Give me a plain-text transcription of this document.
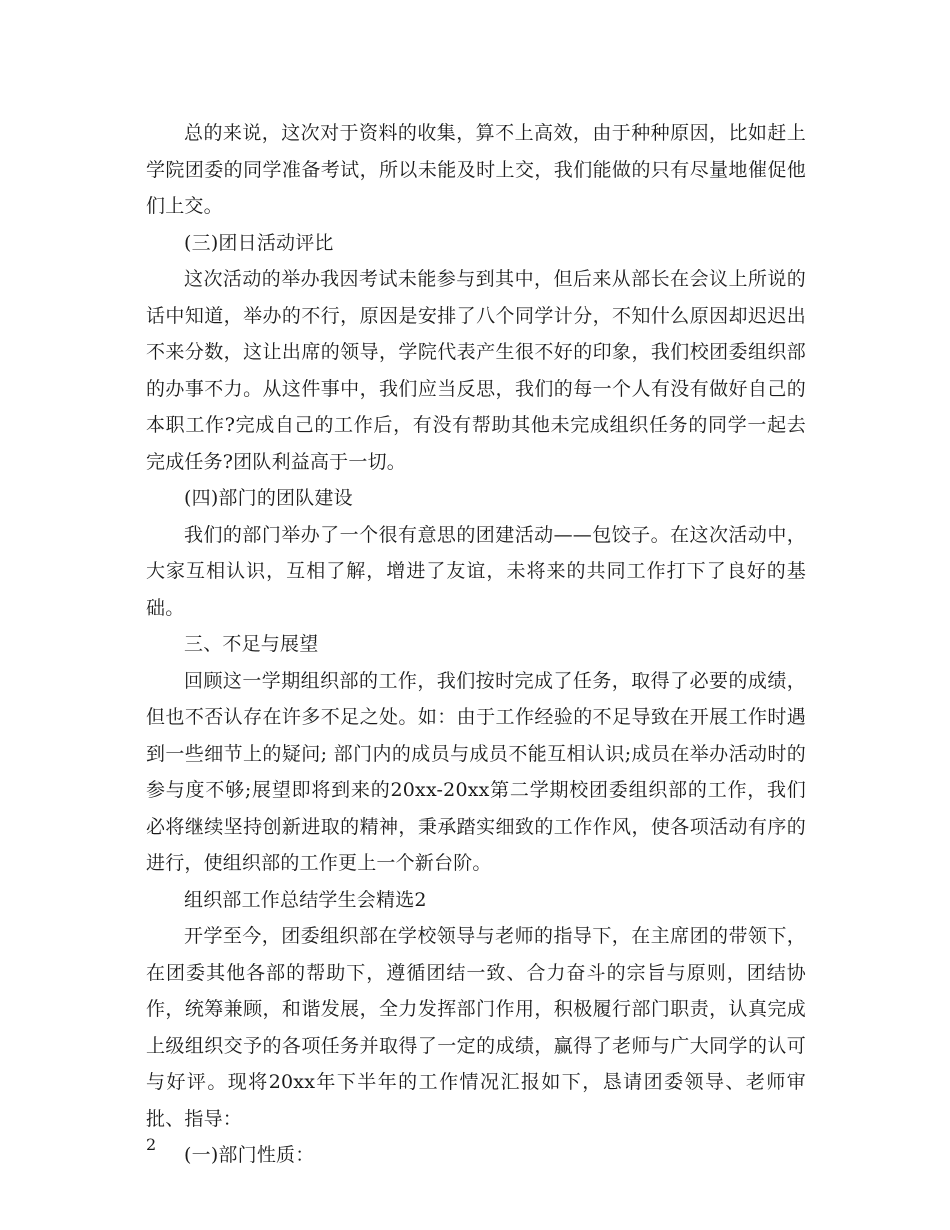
总的来说，这次对于资料的收集，算不上高效，由于种种原因，比如赶上学院团委的同学准备考试，所以未能及时上交，我们能做的只有尽量地催促他们上交。

(三)团日活动评比

这次活动的举办我因考试未能参与到其中，但后来从部长在会议上所说的话中知道，举办的不行，原因是安排了八个同学计分，不知什么原因却迟迟出不来分数，这让出席的领导，学院代表产生很不好的印象，我们校团委组织部的办事不力。从这件事中，我们应当反思，我们的每一个人有没有做好自己的本职工作?完成自己的工作后，有没有帮助其他未完成组织任务的同学一起去完成任务?团队利益高于一切。

(四)部门的团队建设

我们的部门举办了一个很有意思的团建活动——包饺子。在这次活动中，大家互相认识，互相了解，增进了友谊，未将来的共同工作打下了良好的基础。

三、不足与展望

回顾这一学期组织部的工作，我们按时完成了任务，取得了必要的成绩，但也不否认存在许多不足之处。如：由于工作经验的不足导致在开展工作时遇到一些细节上的疑问; 部门内的成员与成员不能互相认识;成员在举办活动时的参与度不够;展望即将到来的20xx-20xx第二学期校团委组织部的工作，我们必将继续坚持创新进取的精神，秉承踏实细致的工作作风，使各项活动有序的进行，使组织部的工作更上一个新台阶。

组织部工作总结学生会精选2

开学至今，团委组织部在学校领导与老师的指导下，在主席团的带领下，在团委其他各部的帮助下，遵循团结一致、合力奋斗的宗旨与原则，团结协作，统筹兼顾，和谐发展，全力发挥部门作用，积极履行部门职责，认真完成上级组织交予的各项任务并取得了一定的成绩，赢得了老师与广大同学的认可与好评。现将20xx年下半年的工作情况汇报如下，恳请团委领导、老师审批、指导：

(一)部门性质：

2
